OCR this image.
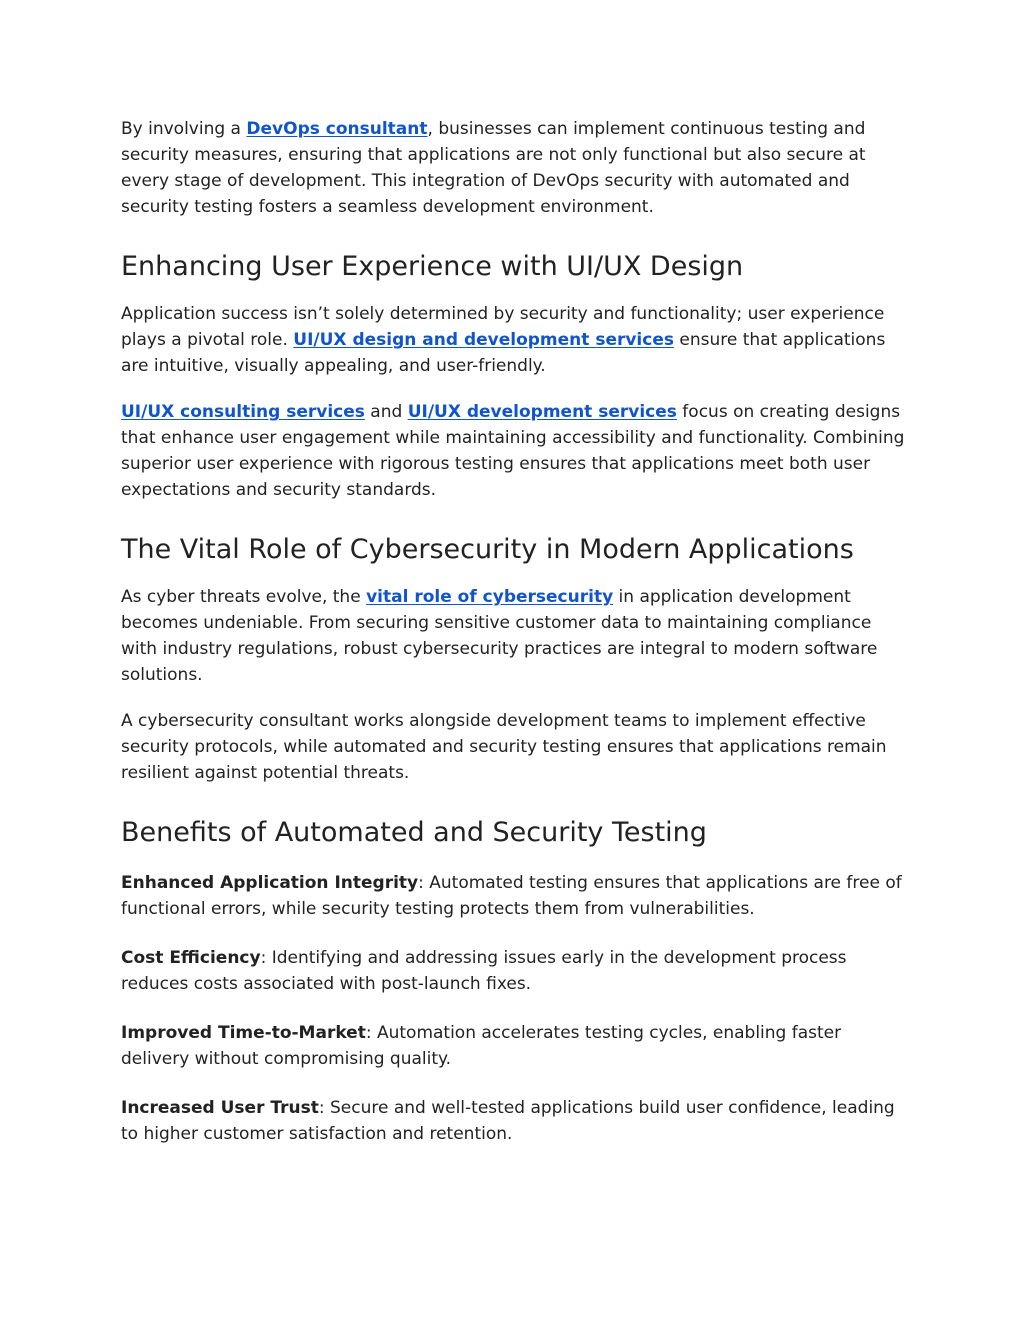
By involving a DevOps consultant, businesses can implement continuous testing and security measures, ensuring that applications are not only functional but also secure at every stage of development. This integration of DevOps security with automated and security testing fosters a seamless development environment.

Enhancing User Experience with UI/UX Design

Application success isn’t solely determined by security and functionality; user experience plays a pivotal role. UI/UX design and development services ensure that applications are intuitive, visually appealing, and user-friendly.

UI/UX consulting services and UI/UX development services focus on creating designs that enhance user engagement while maintaining accessibility and functionality. Combining superior user experience with rigorous testing ensures that applications meet both user expectations and security standards.

The Vital Role of Cybersecurity in Modern Applications

As cyber threats evolve, the vital role of cybersecurity in application development becomes undeniable. From securing sensitive customer data to maintaining compliance with industry regulations, robust cybersecurity practices are integral to modern software solutions.

A cybersecurity consultant works alongside development teams to implement effective security protocols, while automated and security testing ensures that applications remain resilient against potential threats.

Benefits of Automated and Security Testing

Enhanced Application Integrity: Automated testing ensures that applications are free of functional errors, while security testing protects them from vulnerabilities.

Cost Efficiency: Identifying and addressing issues early in the development process reduces costs associated with post-launch fixes.

Improved Time-to-Market: Automation accelerates testing cycles, enabling faster delivery without compromising quality.

Increased User Trust: Secure and well-tested applications build user confidence, leading to higher customer satisfaction and retention.
